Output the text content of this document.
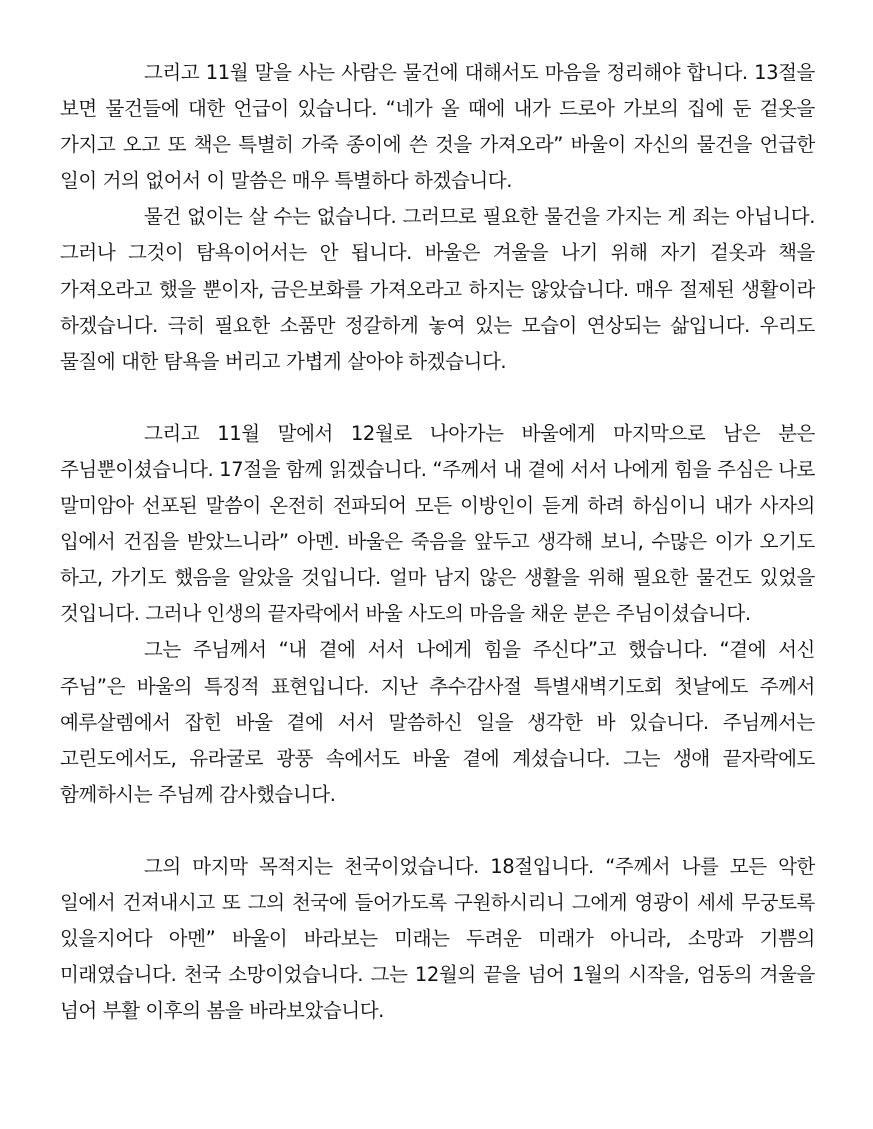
그리고 11월 말을 사는 사람은 물건에 대해서도 마음을 정리해야 합니다. 13절을 보면 물건들에 대한 언급이 있습니다. “네가 올 때에 내가 드로아 가보의 집에 둔 겉옷을 가지고 오고 또 책은 특별히 가죽 종이에 쓴 것을 가져오라” 바울이 자신의 물건을 언급한 일이 거의 없어서 이 말씀은 매우 특별하다 하겠습니다.

물건 없이는 살 수는 없습니다. 그러므로 필요한 물건을 가지는 게 죄는 아닙니다. 그러나 그것이 탐욕이어서는 안 됩니다. 바울은 겨울을 나기 위해 자기 겉옷과 책을 가져오라고 했을 뿐이자, 금은보화를 가져오라고 하지는 않았습니다. 매우 절제된 생활이라 하겠습니다. 극히 필요한 소품만 정갈하게 놓여 있는 모습이 연상되는 삶입니다. 우리도 물질에 대한 탐욕을 버리고 가볍게 살아야 하겠습니다.

그리고 11월 말에서 12월로 나아가는 바울에게 마지막으로 남은 분은 주님뿐이셨습니다. 17절을 함께 읽겠습니다. “주께서 내 곁에 서서 나에게 힘을 주심은 나로 말미암아 선포된 말씀이 온전히 전파되어 모든 이방인이 듣게 하려 하심이니 내가 사자의 입에서 건짐을 받았느니라” 아멘. 바울은 죽음을 앞두고 생각해 보니, 수많은 이가 오기도 하고, 가기도 했음을 알았을 것입니다. 얼마 남지 않은 생활을 위해 필요한 물건도 있었을 것입니다. 그러나 인생의 끝자락에서 바울 사도의 마음을 채운 분은 주님이셨습니다.

그는 주님께서 “내 곁에 서서 나에게 힘을 주신다”고 했습니다. “곁에 서신 주님”은 바울의 특징적 표현입니다. 지난 추수감사절 특별새벽기도회 첫날에도 주께서 예루살렘에서 잡힌 바울 곁에 서서 말씀하신 일을 생각한 바 있습니다. 주님께서는 고린도에서도, 유라굴로 광풍 속에서도 바울 곁에 계셨습니다. 그는 생애 끝자락에도 함께하시는 주님께 감사했습니다.

그의 마지막 목적지는 천국이었습니다. 18절입니다. “주께서 나를 모든 악한 일에서 건져내시고 또 그의 천국에 들어가도록 구원하시리니 그에게 영광이 세세 무궁토록 있을지어다 아멘” 바울이 바라보는 미래는 두려운 미래가 아니라, 소망과 기쁨의 미래였습니다. 천국 소망이었습니다. 그는 12월의 끝을 넘어 1월의 시작을, 엄동의 겨울을 넘어 부활 이후의 봄을 바라보았습니다.
